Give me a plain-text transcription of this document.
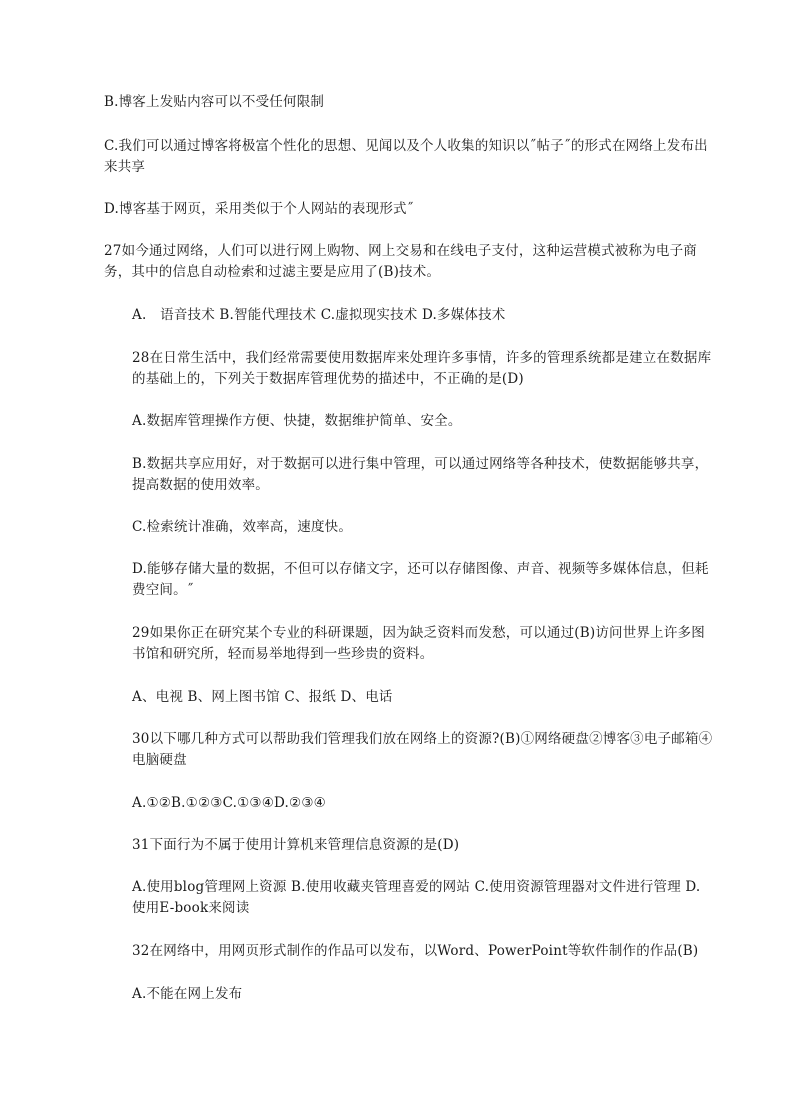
B.博客上发贴内容可以不受任何限制

C.我们可以通过博客将极富个性化的思想、见闻以及个人收集的知识以˝帖子˝的形式在网络上发布出来共享

D.博客基于网页，采用类似于个人网站的表现形式˝

27如今通过网络，人们可以进行网上购物、网上交易和在线电子支付，这种运营模式被称为电子商务，其中的信息自动检索和过滤主要是应用了(B)技术。

A.　语音技术 B.智能代理技术 C.虚拟现实技术 D.多媒体技术

28在日常生活中，我们经常需要使用数据库来处理许多事情，许多的管理系统都是建立在数据库的基础上的，下列关于数据库管理优势的描述中，不正确的是(D)

A.数据库管理操作方便、快捷，数据维护简单、安全。

B.数据共享应用好，对于数据可以进行集中管理，可以通过网络等各种技术，使数据能够共享，提高数据的使用效率。

C.检索统计准确，效率高，速度快。

D.能够存储大量的数据，不但可以存储文字，还可以存储图像、声音、视频等多媒体信息，但耗费空间。˝

29如果你正在研究某个专业的科研课题，因为缺乏资料而发愁，可以通过(B)访问世界上许多图书馆和研究所，轻而易举地得到一些珍贵的资料。

A、电视 B、网上图书馆 C、报纸 D、电话

30以下哪几种方式可以帮助我们管理我们放在网络上的资源?(B)①网络硬盘②博客③电子邮箱④电脑硬盘

A.①②B.①②③C.①③④D.②③④

31下面行为不属于使用计算机来管理信息资源的是(D)

A.使用blog管理网上资源 B.使用收藏夹管理喜爱的网站 C.使用资源管理器对文件进行管理 D.使用E-book来阅读

32在网络中，用网页形式制作的作品可以发布，以Word、PowerPoint等软件制作的作品(B)

A.不能在网上发布
